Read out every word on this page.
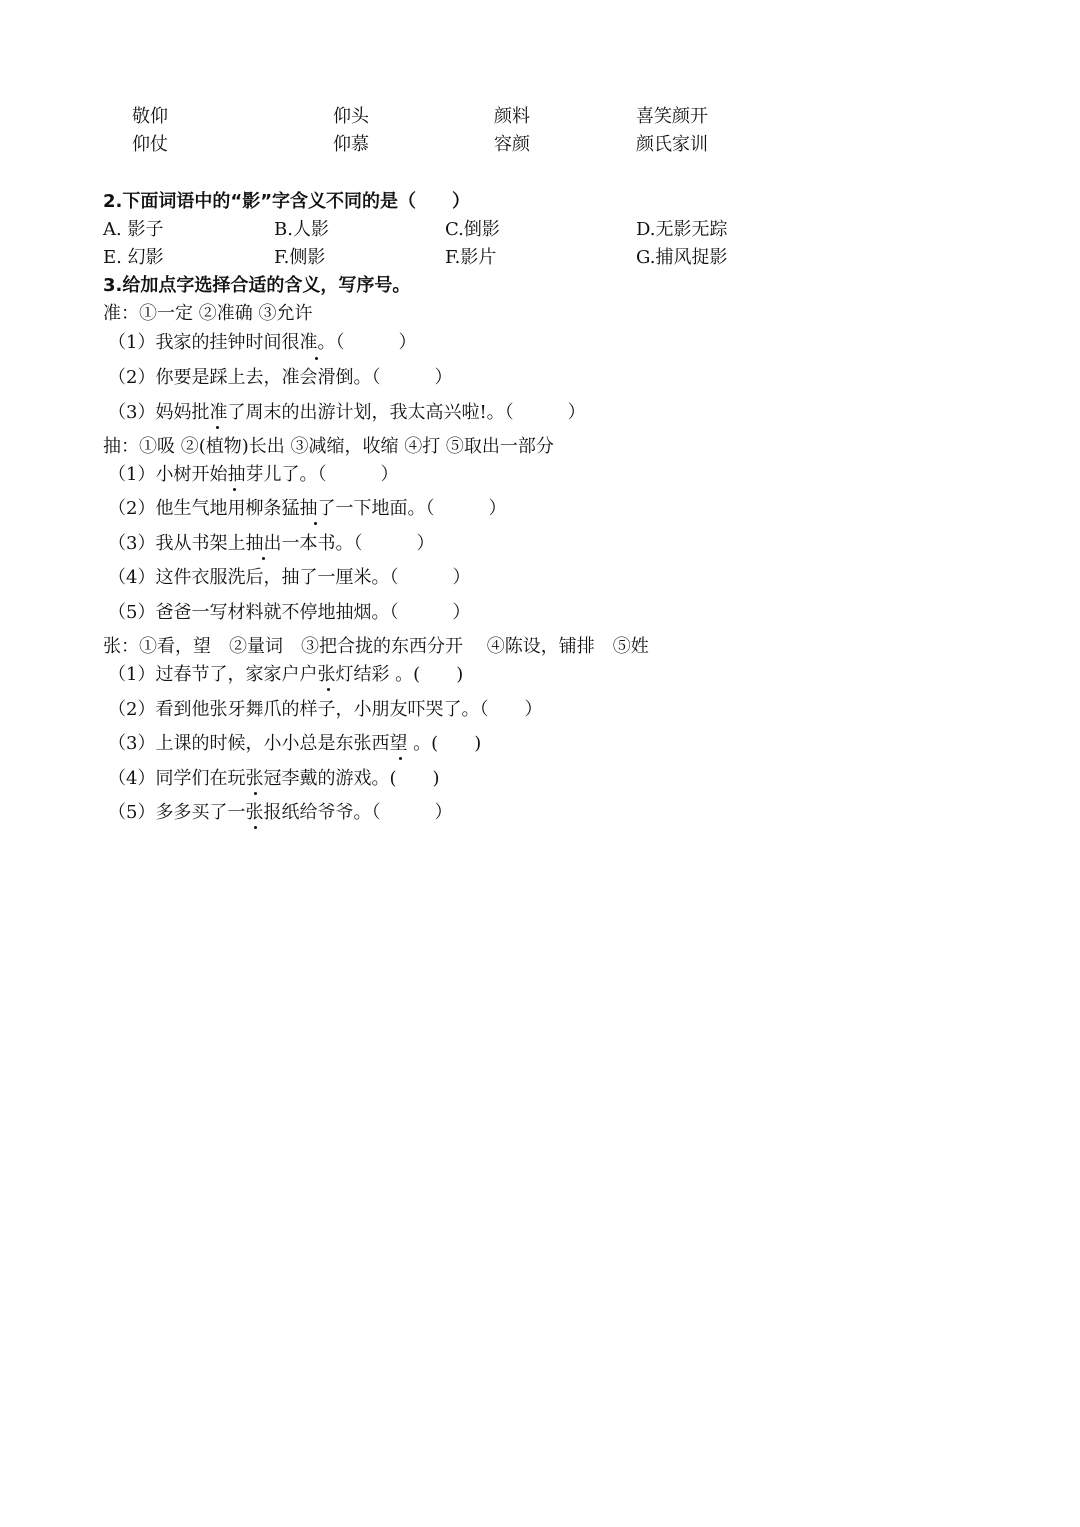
敬仰	仰头	颜料	喜笑颜开
仰仗	仰慕	容颜	颜氏家训
2.下面词语中的“影”字含义不同的是（　　）
A. 影子	B.人影	C.倒影	D.无影无踪
E. 幻影	F.侧影	F.影片	G.捕风捉影
3.给加点字选择合适的含义，写序号。
准：①一定 ②准确 ③允许
（1）我家的挂钟时间很准。（　　　）
（2）你要是踩上去，准会滑倒。（　　　）
（3）妈妈批准了周末的出游计划，我太高兴啦!。（　　　）
抽：①吸 ②(植物)长出 ③减缩，收缩 ④打 ⑤取出一部分
（1）小树开始抽芽儿了。（　　　）
（2）他生气地用柳条猛抽了一下地面。（　　　）
（3）我从书架上抽出一本书。（　　　）
（4）这件衣服洗后，抽了一厘米。（　　　）
（5）爸爸一写材料就不停地抽烟。（　　　）
张：①看，望　②量词　③把合拢的东西分开　 ④陈设，铺排　⑤姓
（1）过春节了，家家户户张灯结彩 。(　　)
（2）看到他张牙舞爪的样子，小朋友吓哭了。（　　）
（3）上课的时候，小小总是东张西望 。(　　)
（4）同学们在玩张冠李戴的游戏。(　　)
（5）多多买了一张报纸给爷爷。（　　　）
